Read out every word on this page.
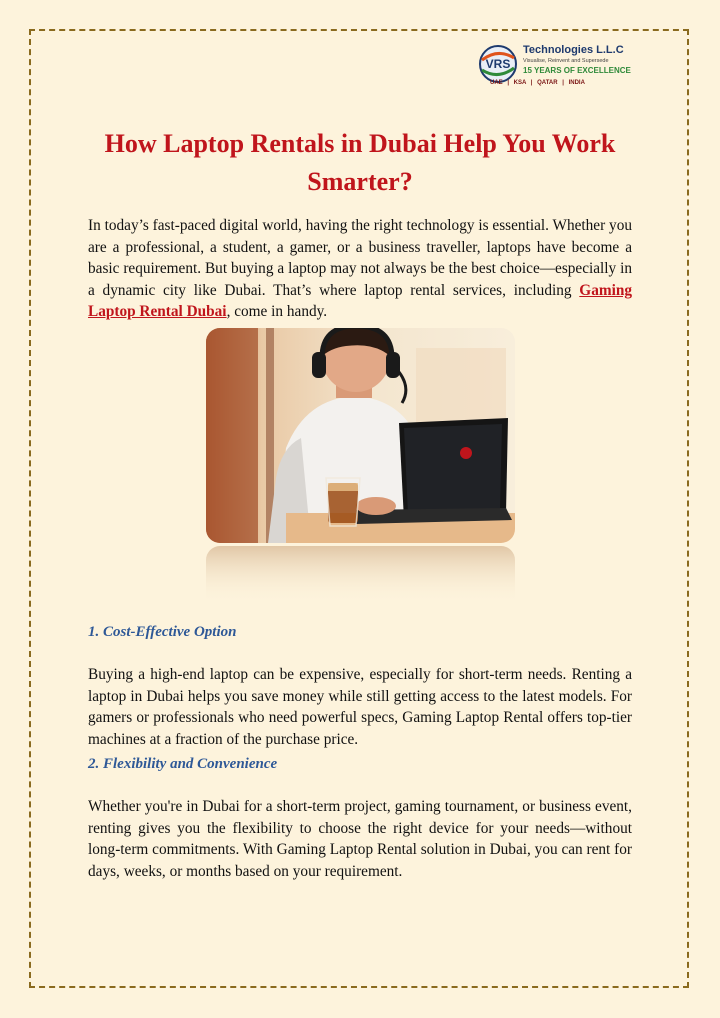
VRS
Technologies L.L.C
Visualise, Reinvent and Supersede
15 YEARS OF EXCELLENCE
UAE | KSA | QATAR | INDIA
How Laptop Rentals in Dubai Help You Work Smarter?

In today’s fast-paced digital world, having the right technology is essential. Whether you are a professional, a student, a gamer, or a business traveller, laptops have become a basic requirement. But buying a laptop may not always be the best choice—especially in a dynamic city like Dubai. That’s where laptop rental services, including Gaming Laptop Rental Dubai, come in handy.

1. Cost-Effective Option

Buying a high-end laptop can be expensive, especially for short-term needs. Renting a laptop in Dubai helps you save money while still getting access to the latest models. For gamers or professionals who need powerful specs, Gaming Laptop Rental offers top-tier machines at a fraction of the purchase price.

2. Flexibility and Convenience

Whether you're in Dubai for a short-term project, gaming tournament, or business event, renting gives you the flexibility to choose the right device for your needs—without long-term commitments. With Gaming Laptop Rental solution in Dubai, you can rent for days, weeks, or months based on your requirement.
